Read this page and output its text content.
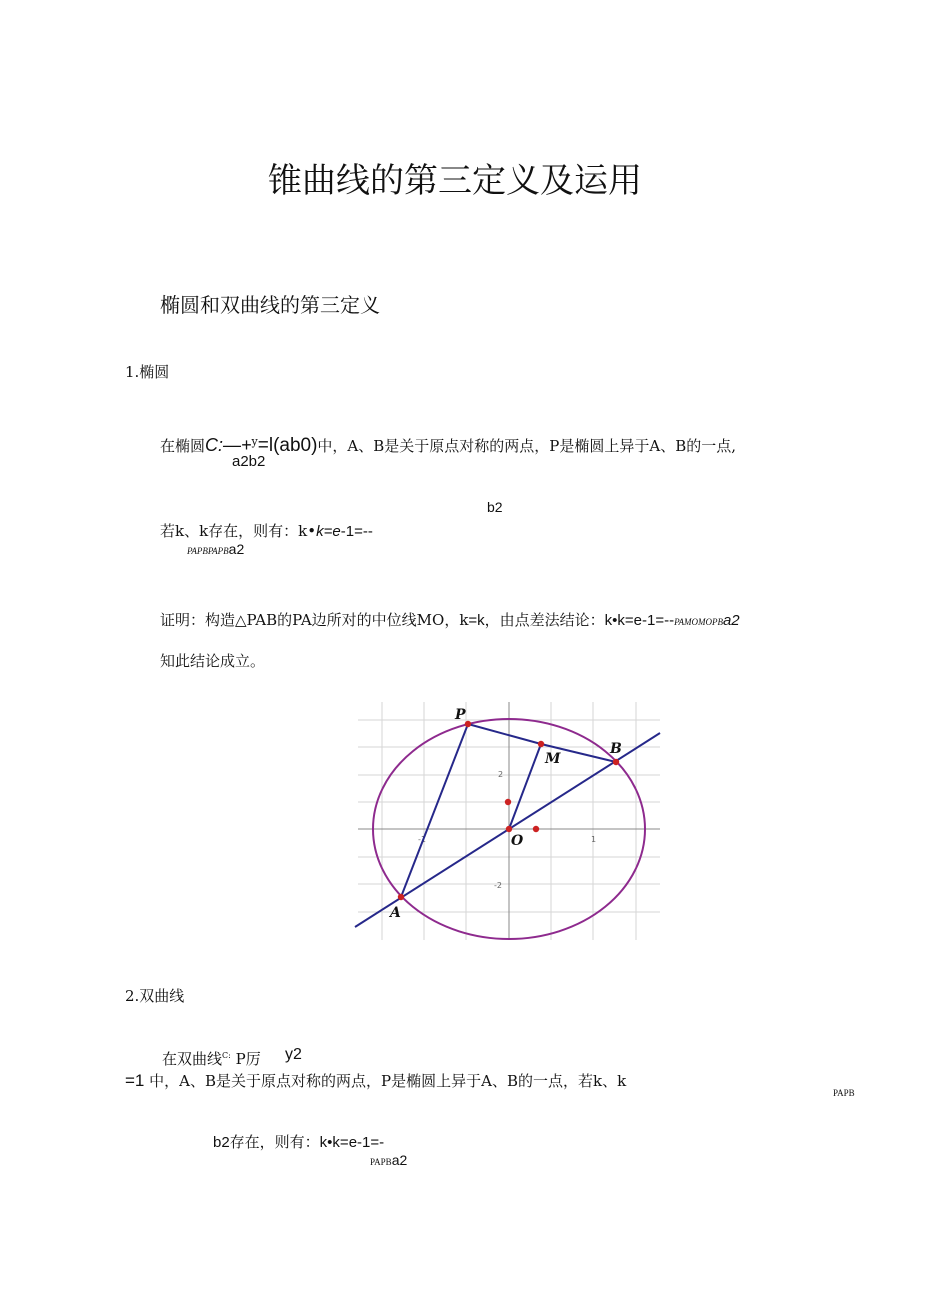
锥曲线的第三定义及运用
椭圆和双曲线的第三定义
1.椭圆
在椭圆C:—+$^y$=l(ab0)中，A、B是关于原点对称的两点，P是椭圆上异于A、B的一点,
a2b2
b2
若k、k存在，则有：k•k=e-1=--
PAPBPAPBa2
证明：构造△PAB的PA边所对的中位线MO，k=k，由点差法结论：k•k=e-1=--PAMOMOPBa2
知此结论成立。
2
-2
-1	1
P
M
B
O
A
2.双曲线
在双曲线$^{C:}$ P厉 y2
=1 中，A、B是关于原点对称的两点，P是椭圆上异于A、B的一点，若k、k
PAPB
b2存在，则有：k•k=e-1=-
PAPBa2
